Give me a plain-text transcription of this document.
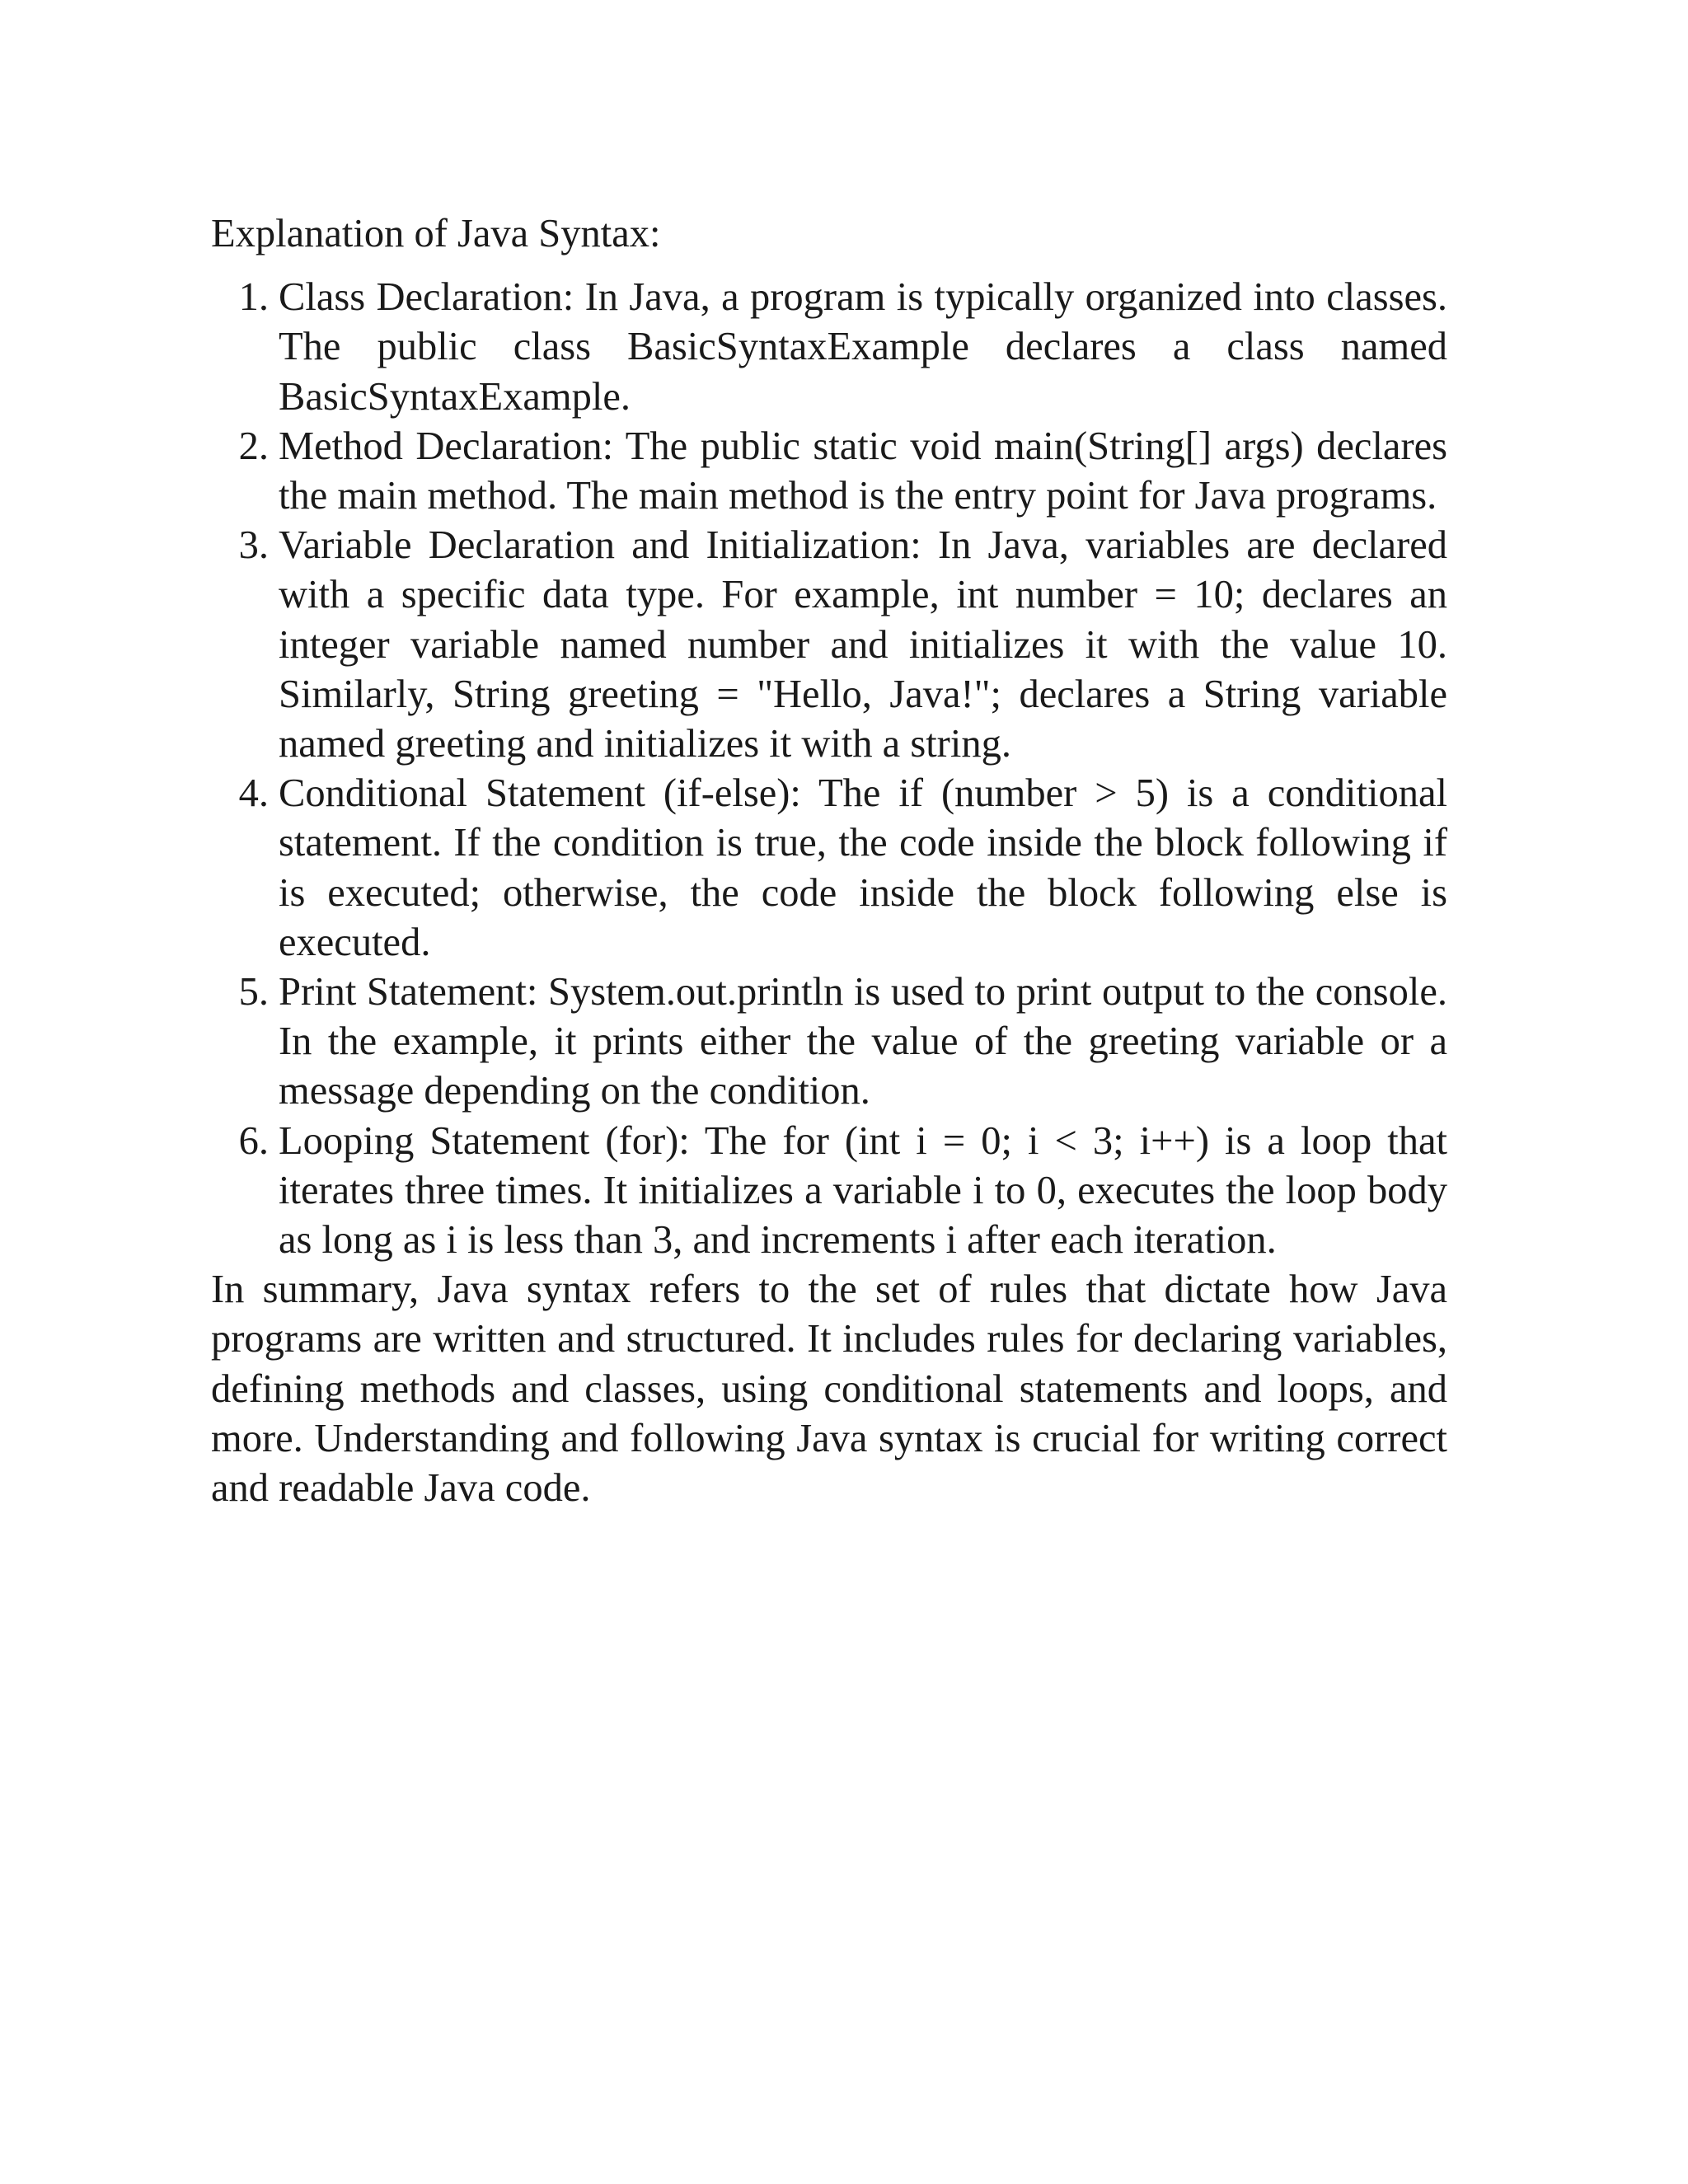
Explanation of Java Syntax:
1. Class Declaration: In Java, a program is typically organized into classes. The public class BasicSyntaxExample declares a class named BasicSyntaxExample.
2. Method Declaration: The public static void main(String[] args) declares the main method. The main method is the entry point for Java programs.
3. Variable Declaration and Initialization: In Java, variables are declared with a specific data type. For example, int number = 10; declares an integer variable named number and initializes it with the value 10. Similarly, String greeting = "Hello, Java!"; declares a String variable named greeting and initializes it with a string.
4. Conditional Statement (if-else): The if (number > 5) is a conditional statement. If the condition is true, the code inside the block following if is executed; otherwise, the code inside the block following else is executed.
5. Print Statement: System.out.println is used to print output to the console. In the example, it prints either the value of the greeting variable or a message depending on the condition.
6. Looping Statement (for): The for (int i = 0; i < 3; i++) is a loop that iterates three times. It initializes a variable i to 0, executes the loop body as long as i is less than 3, and increments i after each iteration.

In summary, Java syntax refers to the set of rules that dictate how Java programs are written and structured. It includes rules for declaring variables, defining methods and classes, using conditional statements and loops, and more. Understanding and following Java syntax is crucial for writing correct and readable Java code.
